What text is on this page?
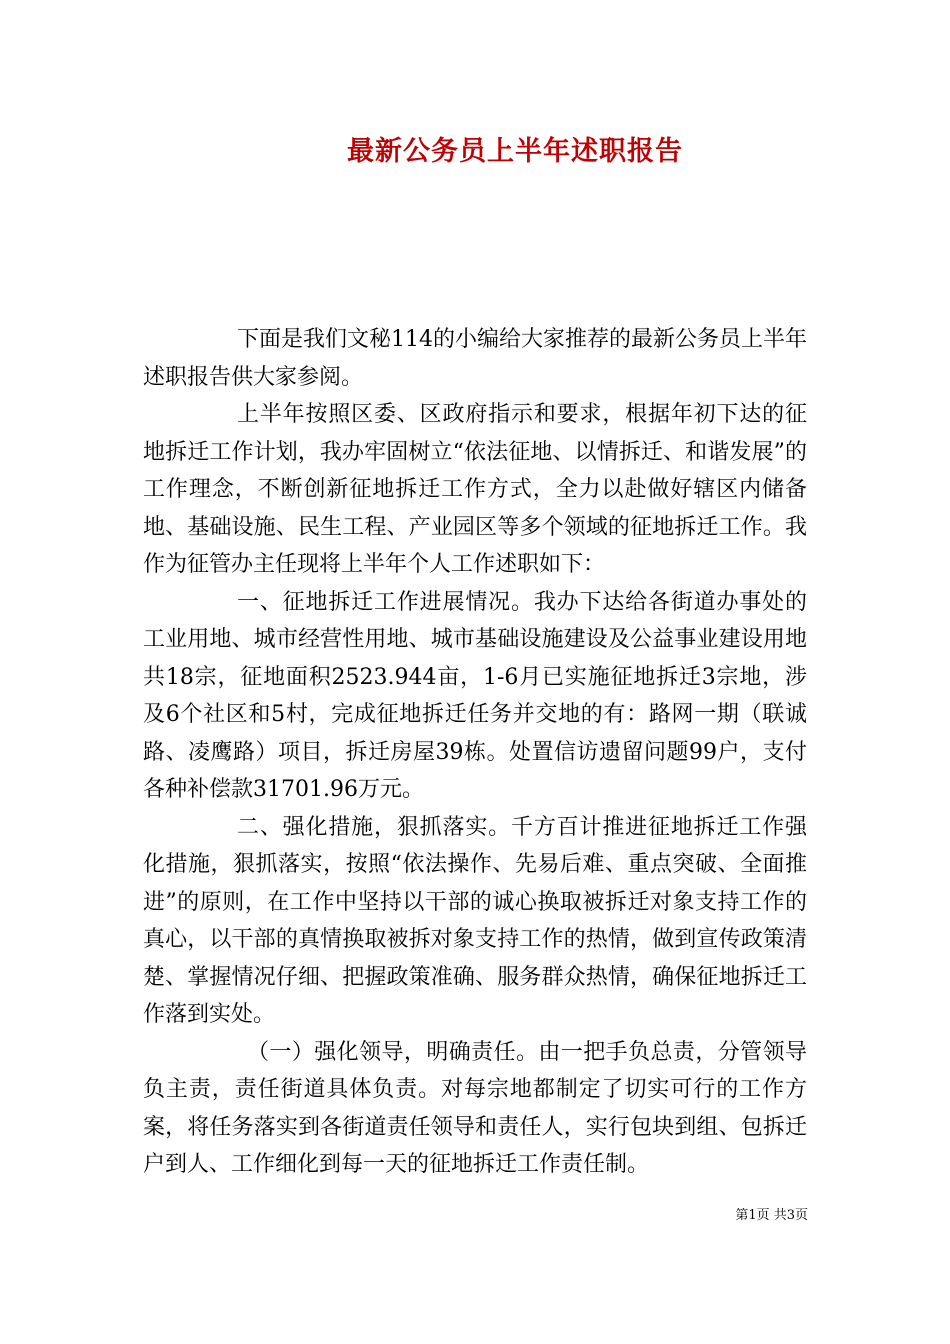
最新公务员上半年述职报告

下面是我们文秘114的小编给大家推荐的最新公务员上半年述职报告供大家参阅。

上半年按照区委、区政府指示和要求，根据年初下达的征地拆迁工作计划，我办牢固树立“依法征地、以情拆迁、和谐发展”的工作理念，不断创新征地拆迁工作方式，全力以赴做好辖区内储备地、基础设施、民生工程、产业园区等多个领域的征地拆迁工作。我作为征管办主任现将上半年个人工作述职如下：

一、征地拆迁工作进展情况。我办下达给各街道办事处的工业用地、城市经营性用地、城市基础设施建设及公益事业建设用地共18宗，征地面积2523.944亩，1-6月已实施征地拆迁3宗地，涉及6个社区和5村，完成征地拆迁任务并交地的有：路网一期（联诚路、凌鹰路）项目，拆迁房屋39栋。处置信访遗留问题99户，支付各种补偿款31701.96万元。

二、强化措施，狠抓落实。千方百计推进征地拆迁工作强化措施，狠抓落实，按照“依法操作、先易后难、重点突破、全面推进”的原则，在工作中坚持以干部的诚心换取被拆迁对象支持工作的真心，以干部的真情换取被拆对象支持工作的热情，做到宣传政策清楚、掌握情况仔细、把握政策准确、服务群众热情，确保征地拆迁工作落到实处。

（一）强化领导，明确责任。由一把手负总责，分管领导负主责，责任街道具体负责。对每宗地都制定了切实可行的工作方案，将任务落实到各街道责任领导和责任人，实行包块到组、包拆迁户到人、工作细化到每一天的征地拆迁工作责任制。

第1页 共3页
